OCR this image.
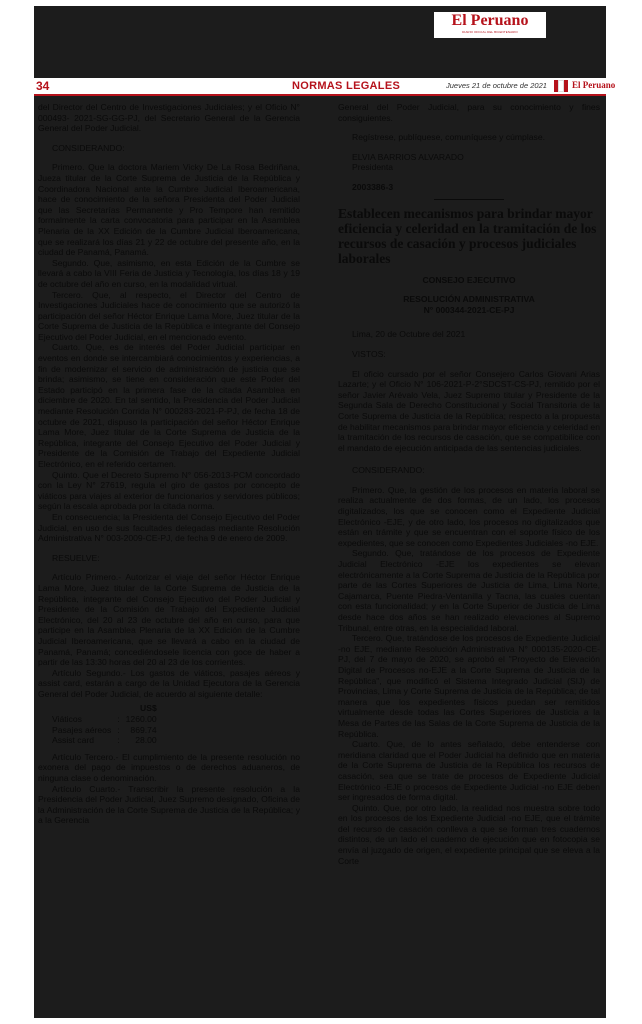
El Peruano
DIARIO OFICIAL DEL BICENTENARIO
34	NORMAS LEGALES	Jueves 21 de octubre de 2021	El Peruano

del Director del Centro de Investigaciones Judiciales; y el Oficio N° 000493- 2021-SG-GG-PJ, del Secretario General de la Gerencia General del Poder Judicial.

CONSIDERANDO:

Primero. Que la doctora Mariem Vicky De La Rosa Bedriñana, Jueza titular de la Corte Suprema de Justicia de la República y Coordinadora Nacional ante la Cumbre Judicial Iberoamericana, hace de conocimiento de la señora Presidenta del Poder Judicial que las Secretarías Permanente y Pro Tempore han remitido formalmente la carta convocatoria para participar en la Asamblea Plenaria de la XX Edición de la Cumbre Judicial Iberoamericana, que se realizará los días 21 y 22 de octubre del presente año, en la ciudad de Panamá, Panamá.

Segundo. Que, asimismo, en esta Edición de la Cumbre se llevará a cabo la VIII Feria de Justicia y Tecnología, los días 18 y 19 de octubre del año en curso, en la modalidad virtual.

Tercero. Que, al respecto, el Director del Centro de Investigaciones Judiciales hace de conocimiento que se autorizó la participación del señor Héctor Enrique Lama More, Juez titular de la Corte Suprema de Justicia de la República e integrante del Consejo Ejecutivo del Poder Judicial, en el mencionado evento.

Cuarto. Que, es de interés del Poder Judicial participar en eventos en donde se intercambiará conocimientos y experiencias, a fin de modernizar el servicio de administración de justicia que se brinda; asimismo, se tiene en consideración que este Poder del Estado participó en la primera fase de la citada Asamblea en diciembre de 2020. En tal sentido, la Presidencia del Poder Judicial mediante Resolución Corrida N° 000283-2021-P-PJ, de fecha 18 de octubre de 2021, dispuso la participación del señor Héctor Enrique Lama More, Juez titular de la Corte Suprema de Justicia de la República, integrante del Consejo Ejecutivo del Poder Judicial y Presidente de la Comisión de Trabajo del Expediente Judicial Electrónico, en el referido certamen.

Quinto. Que el Decreto Supremo N° 056-2013-PCM concordado con la Ley N° 27619, regula el giro de gastos por concepto de viáticos para viajes al exterior de funcionarios y servidores públicos; según la escala aprobada por la citada norma.

En consecuencia; la Presidenta del Consejo Ejecutivo del Poder Judicial, en uso de sus facultades delegadas mediante Resolución Administrativa N° 003-2009-CE-PJ, de fecha 9 de enero de 2009.

RESUELVE:

Artículo Primero.- Autorizar el viaje del señor Héctor Enrique Lama More, Juez titular de la Corte Suprema de Justicia de la República, integrante del Consejo Ejecutivo del Poder Judicial y Presidente de la Comisión de Trabajo del Expediente Judicial Electrónico, del 20 al 23 de octubre del año en curso, para que participe en la Asamblea Plenaria de la XX Edición de la Cumbre Judicial Iberoamericana, que se llevará a cabo en la ciudad de Panamá, Panamá; concediéndosele licencia con goce de haber a partir de las 13:30 horas del 20 al 23 de los corrientes.

Artículo Segundo.- Los gastos de viáticos, pasajes aéreos y assist card, estarán a cargo de la Unidad Ejecutora de la Gerencia General del Poder Judicial, de acuerdo al siguiente detalle:

		US$
Viáticos	:	1260.00
Pasajes aéreos	:	869.74
Assist card	:	28.00

Artículo Tercero.- El cumplimiento de la presente resolución no exonera del pago de impuestos o de derechos aduaneros, de ninguna clase o denominación.

Artículo Cuarto.- Transcribir la presente resolución a la Presidencia del Poder Judicial, Juez Supremo designado, Oficina de la Administración de la Corte Suprema de Justicia de la República; y a la Gerencia

General del Poder Judicial, para su conocimiento y fines consiguientes.

Regístrese, publíquese, comuníquese y cúmplase.

ELVIA BARRIOS ALVARADO

Presidenta

2003386-3

Establecen mecanismos para brindar mayor eficiencia y celeridad en la tramitación de los recursos de casación y procesos judiciales laborales

CONSEJO EJECUTIVO

RESOLUCIÓN ADMINISTRATIVA

N° 000344-2021-CE-PJ

Lima, 20 de Octubre del 2021

VISTOS:

El oficio cursado por el señor Consejero Carlos Giovani Arias Lazarte; y el Oficio N° 106-2021-P-2°SDCST-CS-PJ, remitido por el señor Javier Arévalo Vela, Juez Supremo titular y Presidente de la Segunda Sala de Derecho Constitucional y Social Transitoria de la Corte Suprema de Justicia de la República; respecto a la propuesta de habilitar mecanismos para brindar mayor eficiencia y celeridad en la tramitación de los recursos de casación, que se compatibilice con el mandato de ejecución anticipada de las sentencias judiciales.

CONSIDERANDO:

Primero. Que, la gestión de los procesos en materia laboral se realiza actualmente de dos formas, de un lado, los procesos digitalizados, los que se conocen como el Expediente Judicial Electrónico -EJE, y de otro lado, los procesos no digitalizados que están en trámite y que se encuentran con el soporte físico de los expedientes, que se conocen como Expedientes Judiciales -no EJE.

Segundo. Que, tratándose de los procesos de Expediente Judicial Electrónico -EJE los expedientes se elevan electrónicamente a la Corte Suprema de Justicia de la República por parte de las Cortes Superiores de Justicia de Lima, Lima Norte, Cajamarca, Puente Piedra-Ventanilla y Tacna, las cuales cuentan con esta funcionalidad; y en la Corte Superior de Justicia de Lima desde hace dos años se han realizado elevaciones al Supremo Tribunal, entre otras, en la especialidad laboral.

Tercero. Que, tratándose de los procesos de Expediente Judicial -no EJE, mediante Resolución Administrativa N° 000135-2020-CE-PJ, del 7 de mayo de 2020, se aprobó el "Proyecto de Elevación Digital de Procesos no-EJE a la Corte Suprema de Justicia de la República", que modificó el Sistema Integrado Judicial (SIJ) de Provincias, Lima y Corte Suprema de Justicia de la República; de tal manera que los expedientes físicos puedan ser remitidos virtualmente desde todas las Cortes Superiores de Justicia a la Mesa de Partes de las Salas de la Corte Suprema de Justicia de la República.

Cuarto. Que, de lo antes señalado, debe entenderse con meridiana claridad que el Poder Judicial ha definido que en materia de la Corte Suprema de Justicia de la República los recursos de casación, sea que se trate de procesos de Expediente Judicial Electrónico -EJE o procesos de Expediente Judicial -no EJE deben ser ingresados de forma digital.

Quinto. Que, por otro lado, la realidad nos muestra sobre todo en los procesos de los Expediente Judicial -no EJE, que el trámite del recurso de casación conlleva a que se forman tres cuadernos distintos, de un lado el cuaderno de ejecución que en fotocopia se envía al juzgado de origen, el expediente principal que se eleva a la Corte
